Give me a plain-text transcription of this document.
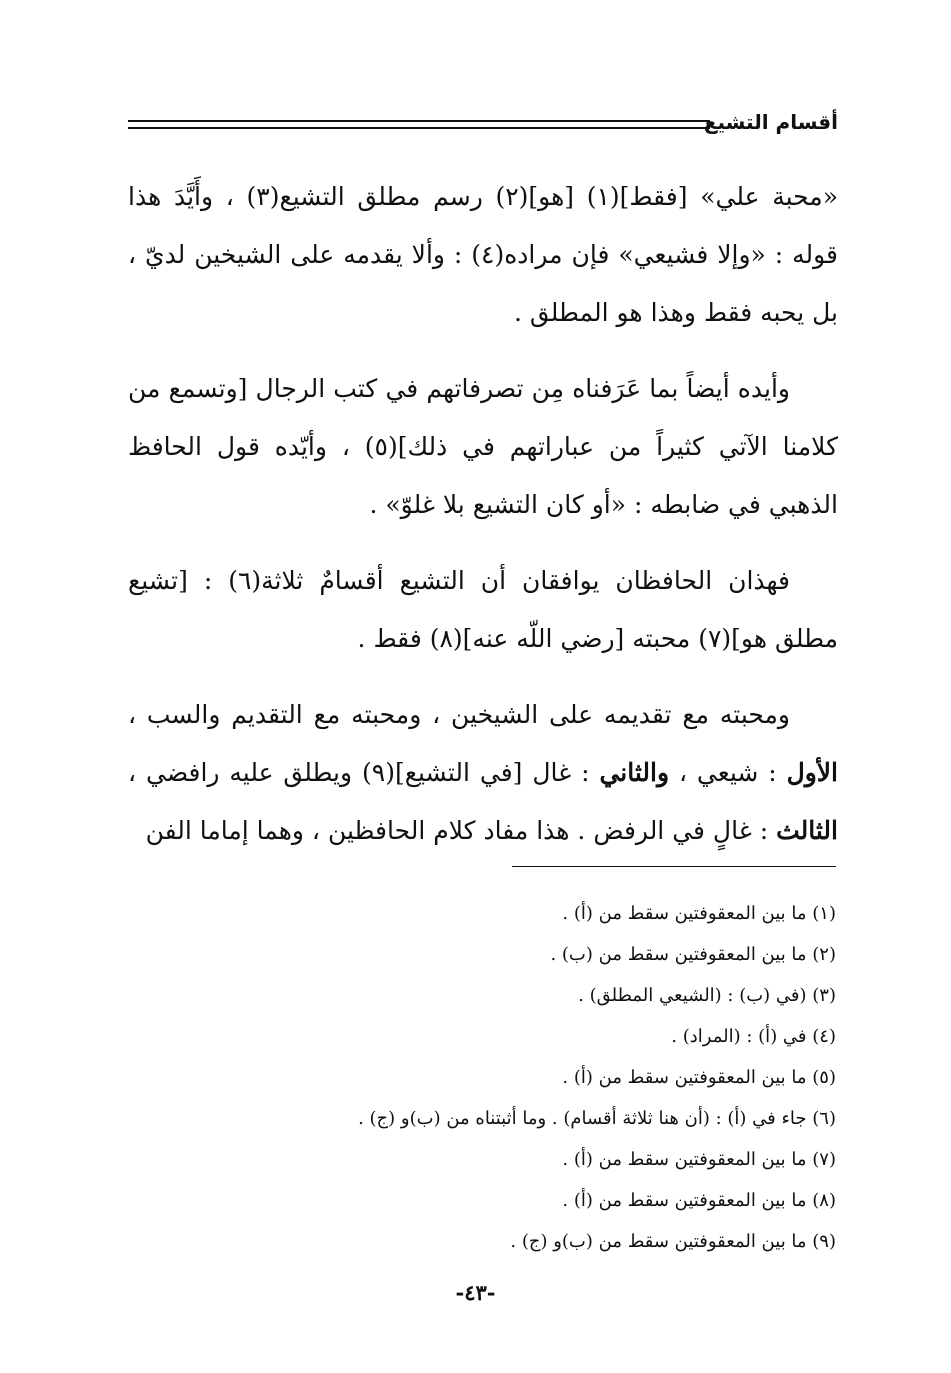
أقسام التشيع

«محبة علي» [فقط](١) [هو](٢) رسم مطلق التشيع(٣) ، وأَيَّدَ هذا قوله : «وإلا فشيعي» فإن مراده(٤) : وألا يقدمه على الشيخين لديّ ، بل يحبه فقط وهذا هو المطلق .

وأيده أيضاً بما عَرَفناه مِن تصرفاتهم في كتب الرجال [وتسمع من كلامنا الآتي كثيراً من عباراتهم في ذلك](٥) ، وأيّده قول الحافظ الذهبي في ضابطه : «أو كان التشيع بلا غلوّ» .

فهذان الحافظان يوافقان أن التشيع أقسامٌ ثلاثة(٦) : [تشيع مطلق هو](٧) محبته [رضي اللّه عنه](٨) فقط .

ومحبته مع تقديمه على الشيخين ، ومحبته مع التقديم والسب ، الأول : شيعي ، والثاني : غال [في التشيع](٩) ويطلق عليه رافضي ، الثالث : غالٍ في الرفض . هذا مفاد كلام الحافظين ، وهما إماما الفن

(١) ما بين المعقوفتين سقط من (أ) .
(٢) ما بين المعقوفتين سقط من (ب) .
(٣) (في (ب) : (الشيعي المطلق) .
(٤) في (أ) : (المراد) .
(٥) ما بين المعقوفتين سقط من (أ) .
(٦) جاء في (أ) : (أن هنا ثلاثة أقسام) . وما أثبتناه من (ب)و (ج) .
(٧) ما بين المعقوفتين سقط من (أ) .
(٨) ما بين المعقوفتين سقط من (أ) .
(٩) ما بين المعقوفتين سقط من (ب)و (ج) .
-٤٣-
